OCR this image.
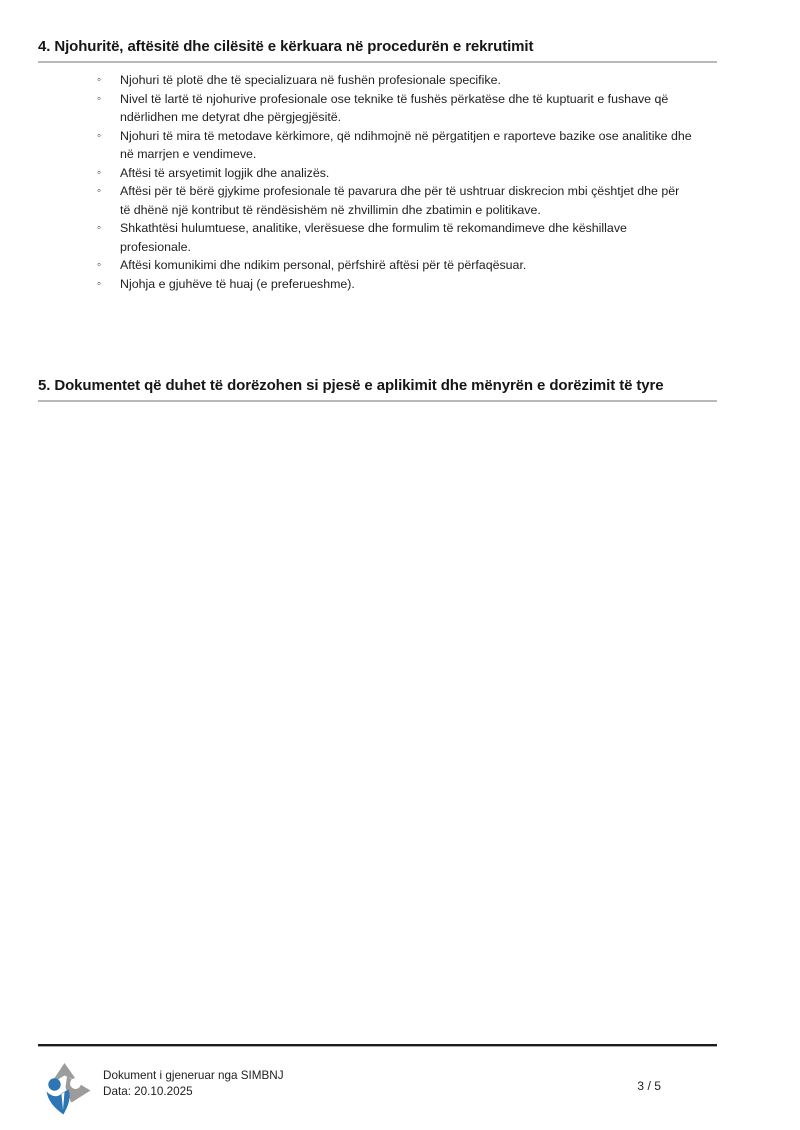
4. Njohuritë, aftësitë dhe cilësitë e kërkuara në procedurën e rekrutimit
◦	Njohuri të plotë dhe të specializuara në fushën profesionale specifike.
◦	Nivel të lartë të njohurive profesionale ose teknike të fushës përkatëse dhe të kuptuarit e fushave që ndërlidhen me detyrat dhe përgjegjësitë.
◦	Njohuri të mira të metodave kërkimore, që ndihmojnë në përgatitjen e raporteve bazike ose analitike dhe në marrjen e vendimeve.
◦	Aftësi të arsyetimit logjik dhe analizës.
◦	Aftësi për të bërë gjykime profesionale të pavarura dhe për të ushtruar diskrecion mbi çështjet dhe për të dhënë një kontribut të rëndësishëm në zhvillimin dhe zbatimin e politikave.
◦	Shkathtësi hulumtuese, analitike, vlerësuese dhe formulim të rekomandimeve dhe këshillave profesionale.
◦	Aftësi komunikimi dhe ndikim personal, përfshirë aftësi për të përfaqësuar.
◦	Njohja e gjuhëve të huaj (e preferueshme).
5. Dokumentet që duhet të dorëzohen si pjesë e aplikimit dhe mënyrën e dorëzimit të tyre
Dokument i gjeneruar nga SIMBNJ
Data: 20.10.2025	3 / 5
